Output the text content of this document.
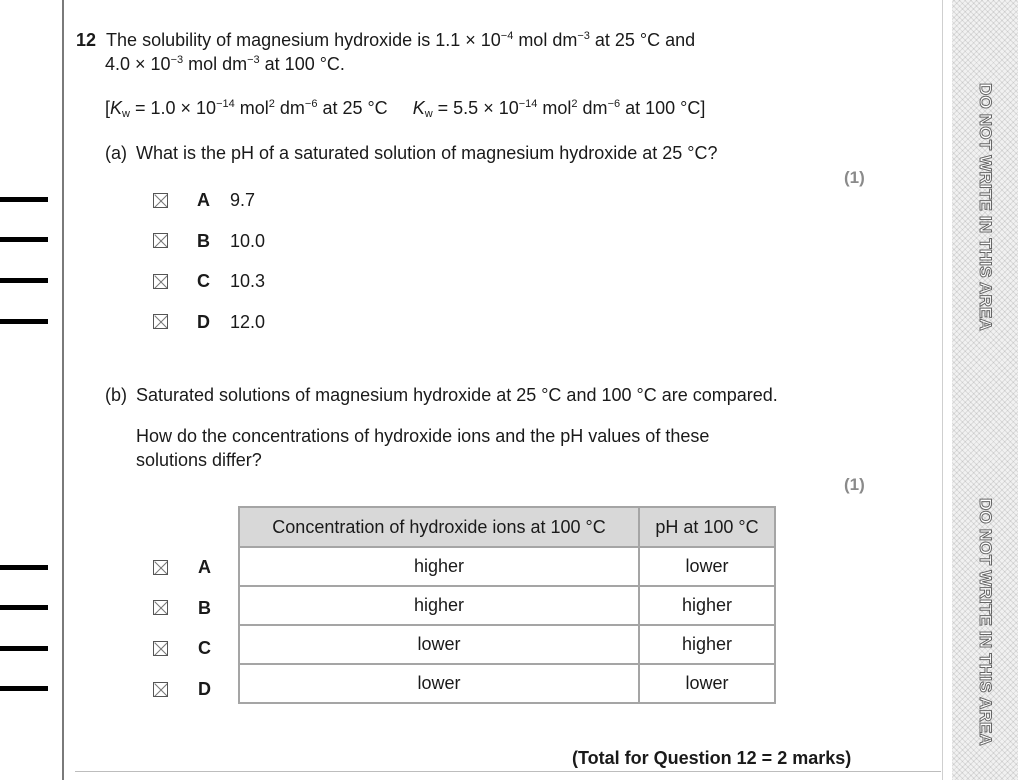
DO NOT WRITE IN THIS AREA
DO NOT WRITE IN THIS AREA
12 The solubility of magnesium hydroxide is $1.1 \times 10^{-4}$ mol $dm^{-3}$ at 25 °C and
$4.0 \times 10^{-3}$ mol $dm^{-3}$ at 100 °C.
[$K_w = 1.0 \times 10^{-14}$ mol$^2$ $dm^{-6}$ at 25 °C $K_w = 5.5 \times 10^{-14}$ mol$^2$ $dm^{-6}$ at 100 °C]
(a) What is the pH of a saturated solution of magnesium hydroxide at 25 °C?
(1)
A 9.7
B 10.0
C 10.3
D 12.0
(b) Saturated solutions of magnesium hydroxide at 25 °C and 100 °C are compared.
How do the concentrations of hydroxide ions and the pH values of these
solutions differ?
(1)
Concentration of hydroxide ions at 100 °C	pH at 100 °C
higher	lower
higher	higher
lower	higher
lower	lower
A
B
C
D
(Total for Question 12 = 2 marks)
